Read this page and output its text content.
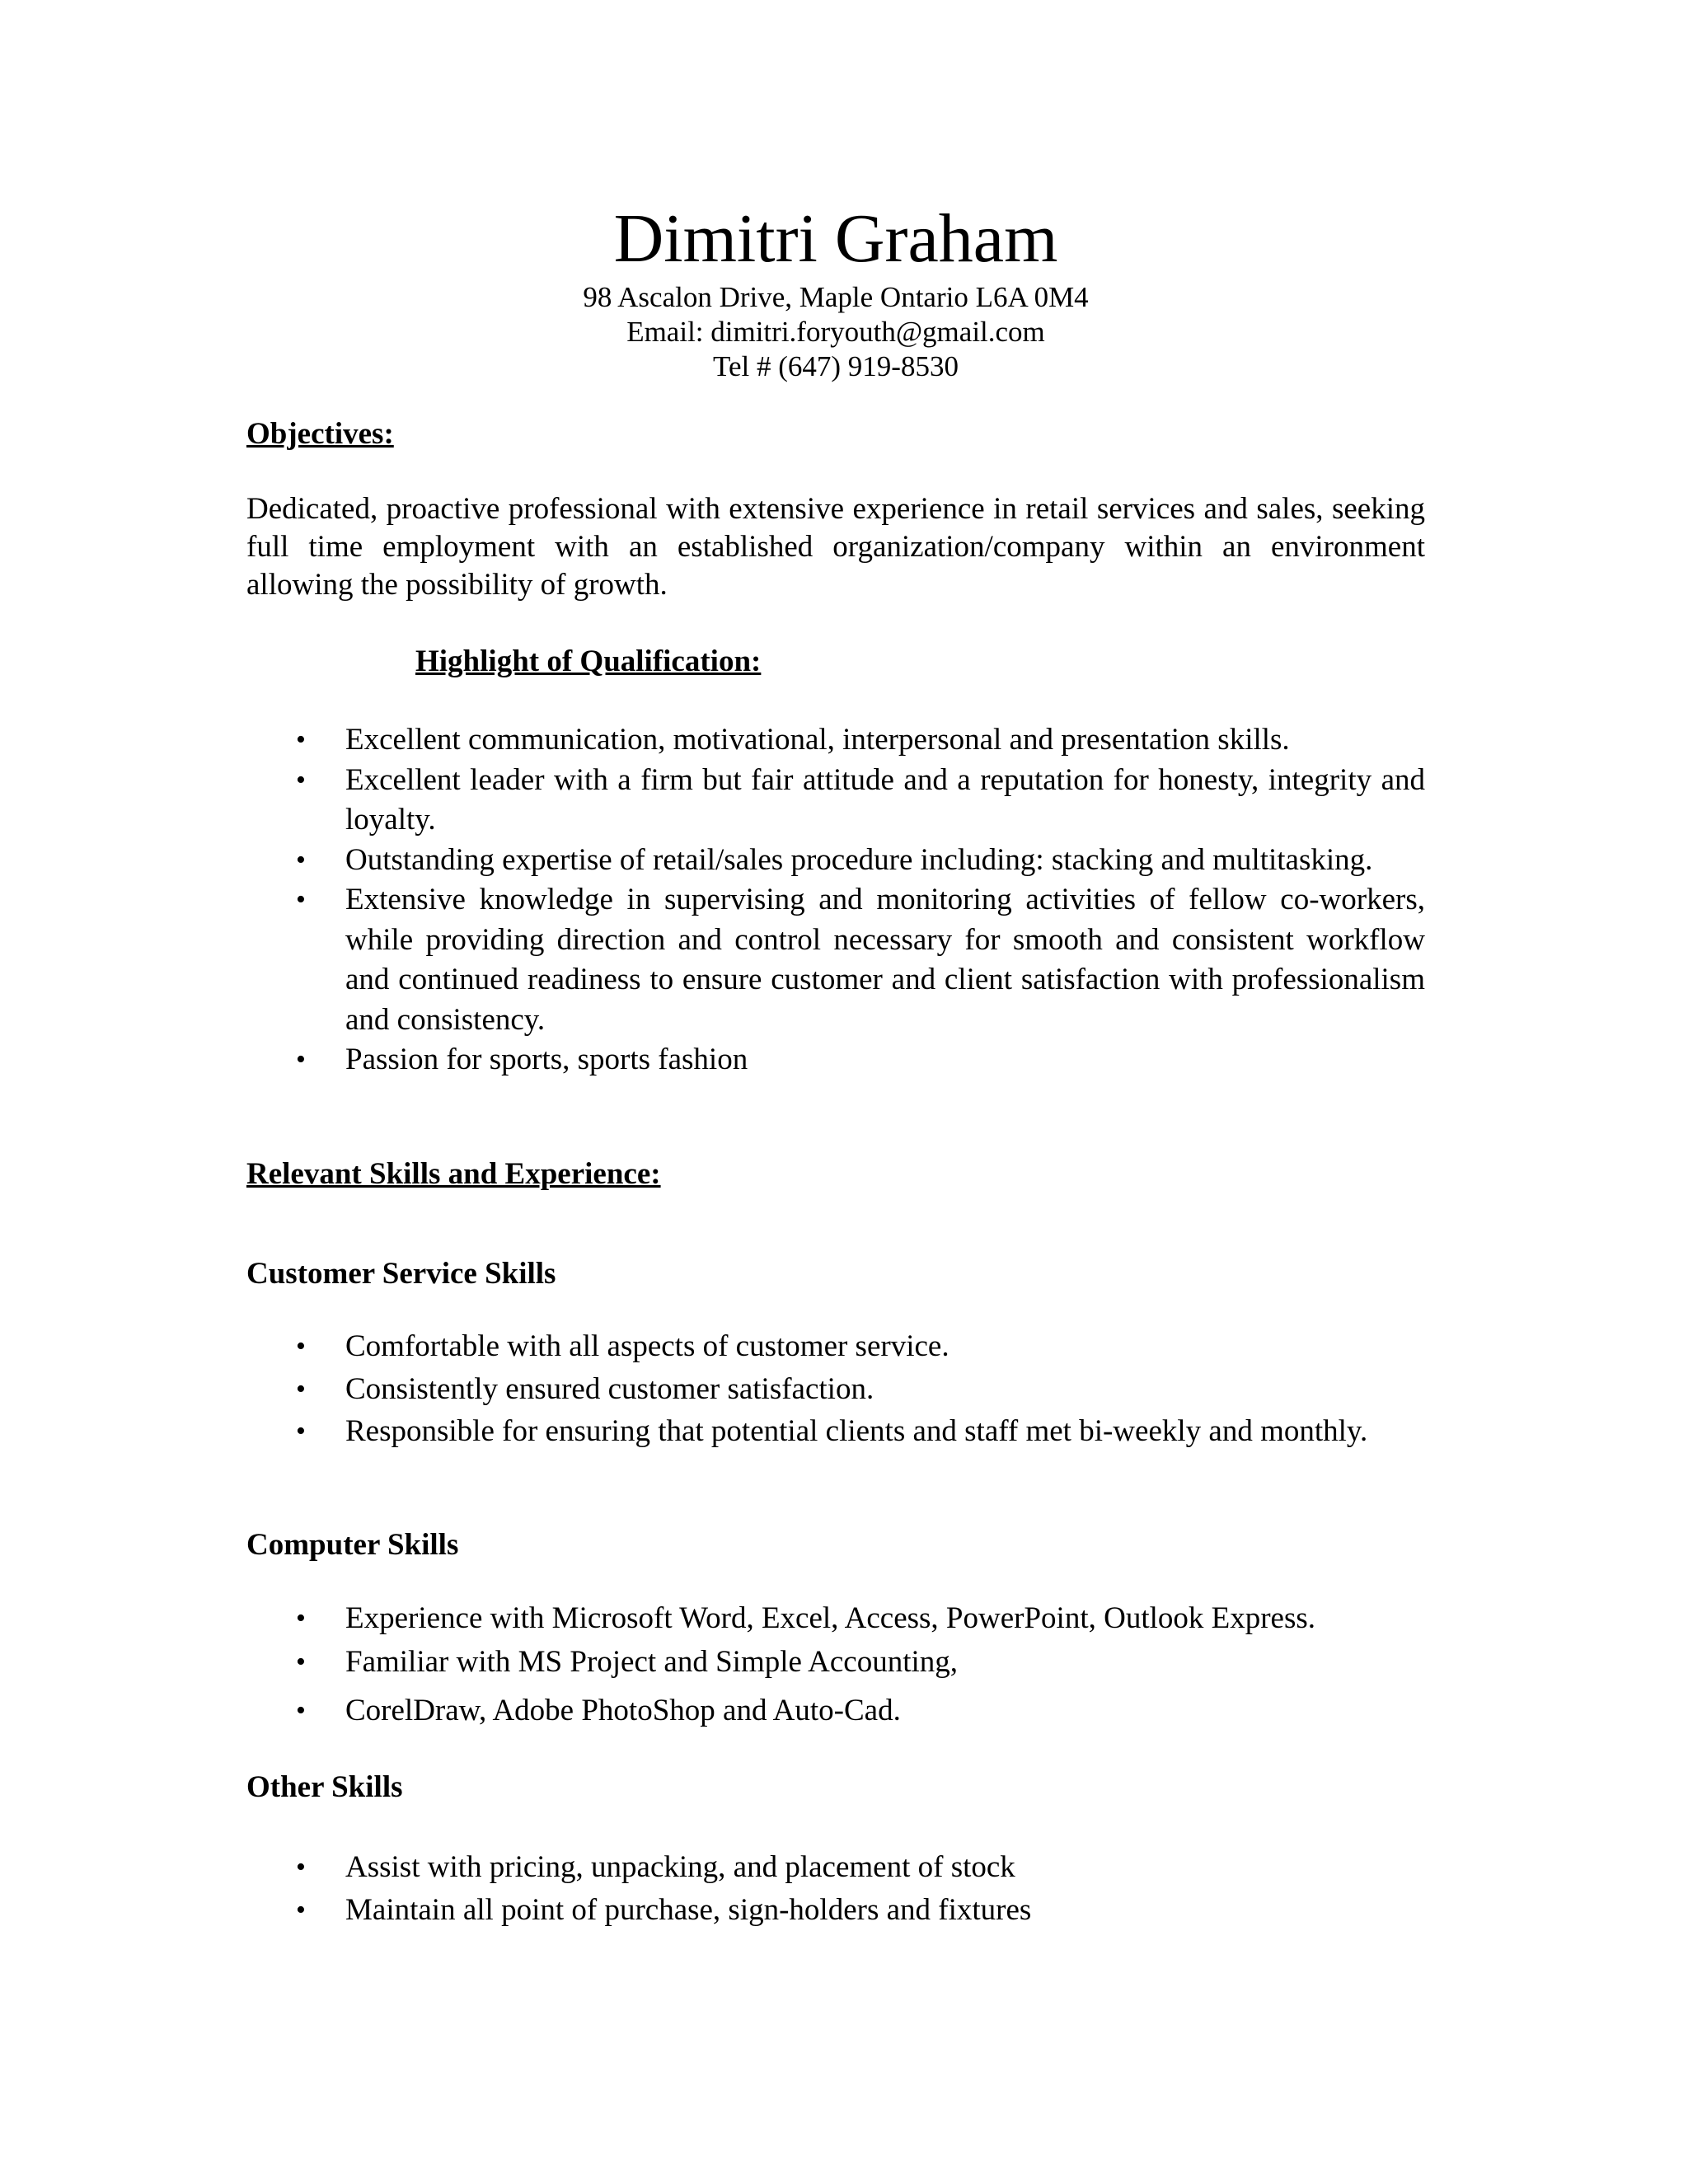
Dimitri Graham
98 Ascalon Drive, Maple Ontario L6A 0M4
Email: dimitri.foryouth@gmail.com
Tel # (647) 919-8530
Objectives:

Dedicated, proactive professional with extensive experience in retail services and sales, seeking full time employment with an established organization/company within an environment allowing the possibility of growth.

Highlight of Qualification:
•	Excellent communication, motivational, interpersonal and presentation skills.
•	Excellent leader with a firm but fair attitude and a reputation for honesty, integrity and loyalty.
•	Outstanding expertise of retail/sales procedure including: stacking and multitasking.
•	Extensive knowledge in supervising and monitoring activities of fellow co-workers, while providing direction and control necessary for smooth and consistent workflow and continued readiness to ensure customer and client satisfaction with professionalism and consistency.
•	Passion for sports, sports fashion
Relevant Skills and Experience:
Customer Service Skills
•	Comfortable with all aspects of customer service.
•	Consistently ensured customer satisfaction.
•	Responsible for ensuring that potential clients and staff met bi-weekly and monthly.
Computer Skills
•	Experience with Microsoft Word, Excel, Access, PowerPoint, Outlook Express.
•	Familiar with MS Project and Simple Accounting,
•	CorelDraw, Adobe PhotoShop and Auto-Cad.
Other Skills
•	Assist with pricing, unpacking, and placement of stock
•	Maintain all point of purchase, sign-holders and fixtures
